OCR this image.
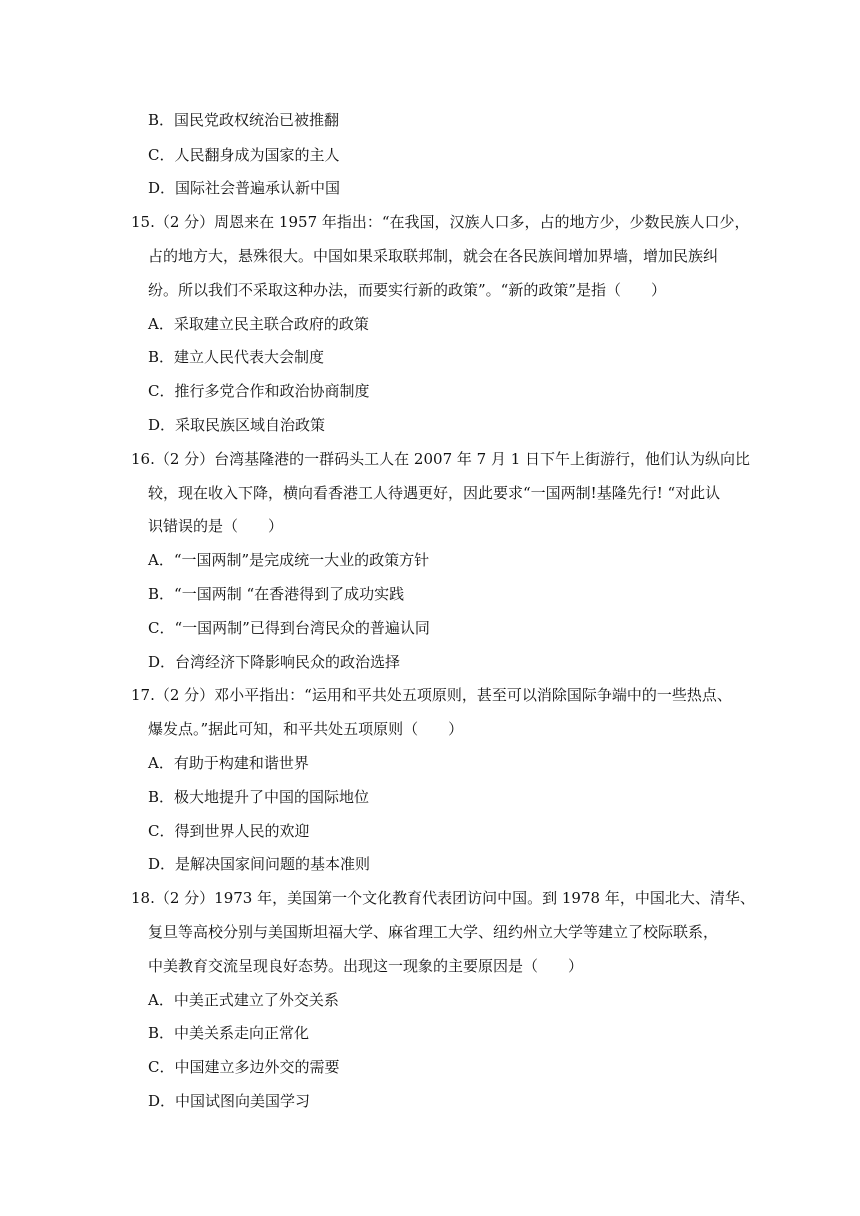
B．国民党政权统治已被推翻
C．人民翻身成为国家的主人
D．国际社会普遍承认新中国
15.（2 分）周恩来在 1957 年指出：“在我国，汉族人口多，占的地方少，少数民族人口少，
占的地方大，悬殊很大。中国如果采取联邦制，就会在各民族间增加界墙，增加民族纠
纷。所以我们不采取这种办法，而要实行新的政策”。“新的政策”是指（　　）
A．采取建立民主联合政府的政策
B．建立人民代表大会制度
C．推行多党合作和政治协商制度
D．采取民族区域自治政策
16.（2 分）台湾基隆港的一群码头工人在 2007 年 7 月 1 日下午上街游行，他们认为纵向比
较，现在收入下降，横向看香港工人待遇更好，因此要求“一国两制!基隆先行! “对此认
识错误的是（　　）
A．“一国两制”是完成统一大业的政策方针
B．“一国两制 “在香港得到了成功实践
C．“一国两制”已得到台湾民众的普遍认同
D．台湾经济下降影响民众的政治选择
17.（2 分）邓小平指出：“运用和平共处五项原则，甚至可以消除国际争端中的一些热点、
爆发点。”据此可知，和平共处五项原则（　　）
A．有助于构建和谐世界
B．极大地提升了中国的国际地位
C．得到世界人民的欢迎
D．是解决国家间问题的基本准则
18.（2 分）1973 年，美国第一个文化教育代表团访问中国。到 1978 年，中国北大、清华、
复旦等高校分别与美国斯坦福大学、麻省理工大学、纽约州立大学等建立了校际联系，
中美教育交流呈现良好态势。出现这一现象的主要原因是（　　）
A．中美正式建立了外交关系
B．中美关系走向正常化
C．中国建立多边外交的需要
D．中国试图向美国学习
